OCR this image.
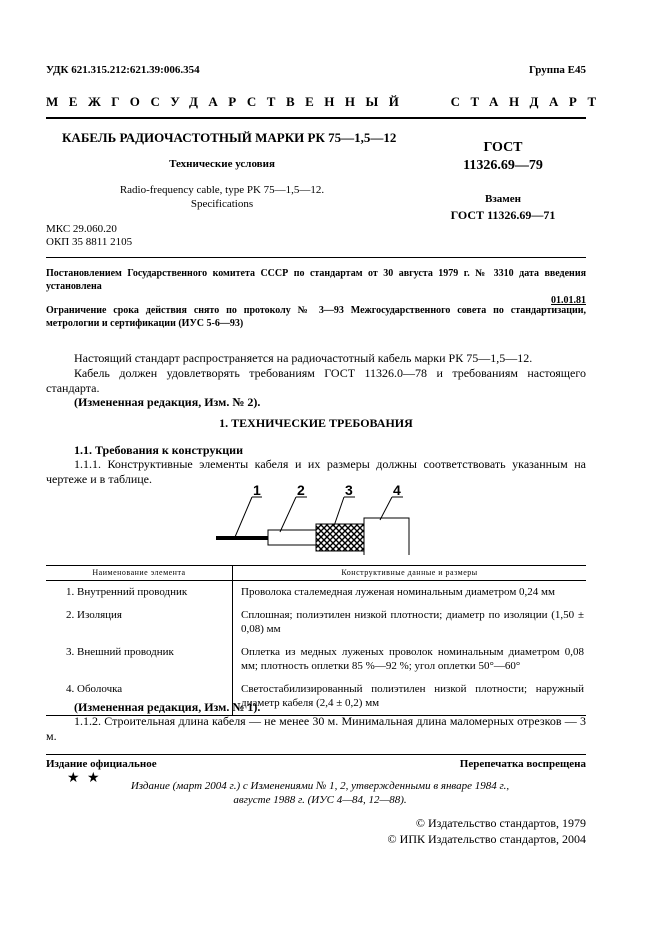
УДК 621.315.212:621.39:006.354	Группа Е45
МЕЖГОСУДАРСТВЕННЫЙ   СТАНДАРТ
КАБЕЛЬ РАДИОЧАСТОТНЫЙ МАРКИ РК 75—1,5—12
Технические условия
Radio-frequency cable, type PK 75—1,5—12.
Specifications
МКС 29.060.20
ОКП 35 8811 2105
ГОСТ
11326.69—79
Взамен
ГОСТ 11326.69—71
Постановлением Государственного комитета СССР по стандартам от 30 августа 1979 г. № 3310 дата введения установлена
01.01.81
Ограничение срока действия снято по протоколу № 3—93 Межгосударственного совета по стандартизации, метрологии и сертификации (ИУС 5-6—93)
Настоящий стандарт распространяется на радиочастотный кабель марки РК 75—1,5—12.
Кабель должен удовлетворять требованиям ГОСТ 11326.0—78 и требованиям настоящего стандарта.
(Измененная редакция, Изм. № 2).
1. ТЕХНИЧЕСКИЕ ТРЕБОВАНИЯ
1.1. Требования к конструкции
1.1.1. Конструктивные элементы кабеля и их размеры должны соответствовать указанным на чертеже и в таблице.
1	2	3	4
Наименование элемента	Конструктивные данные и размеры
1. Внутренний проводник	Проволока сталемедная луженая номинальным диаметром 0,24 мм
2. Изоляция	Сплошная; полиэтилен низкой плотности; диаметр по изоляции (1,50 ± 0,08) мм
3. Внешний проводник	Оплетка из медных луженых проволок номинальным диаметром 0,08 мм; плотность оплетки 85 %—92 %; угол оплетки 50°—60°
4. Оболочка	Светостабилизированный полиэтилен низкой плотности; наружный диаметр кабеля (2,4 ± 0,2) мм
(Измененная редакция, Изм. № 1).
1.1.2. Строительная длина кабеля — не менее 30 м. Минимальная длина маломерных отрезков — 3 м.
Издание официальное	Перепечатка воспрещена
★ ★	Издание (март 2004 г.) с Изменениями № 1, 2, утвержденными в январе 1984 г.,
августе 1988 г. (ИУС 4—84, 12—88).
© Издательство стандартов, 1979
© ИПК Издательство стандартов, 2004
